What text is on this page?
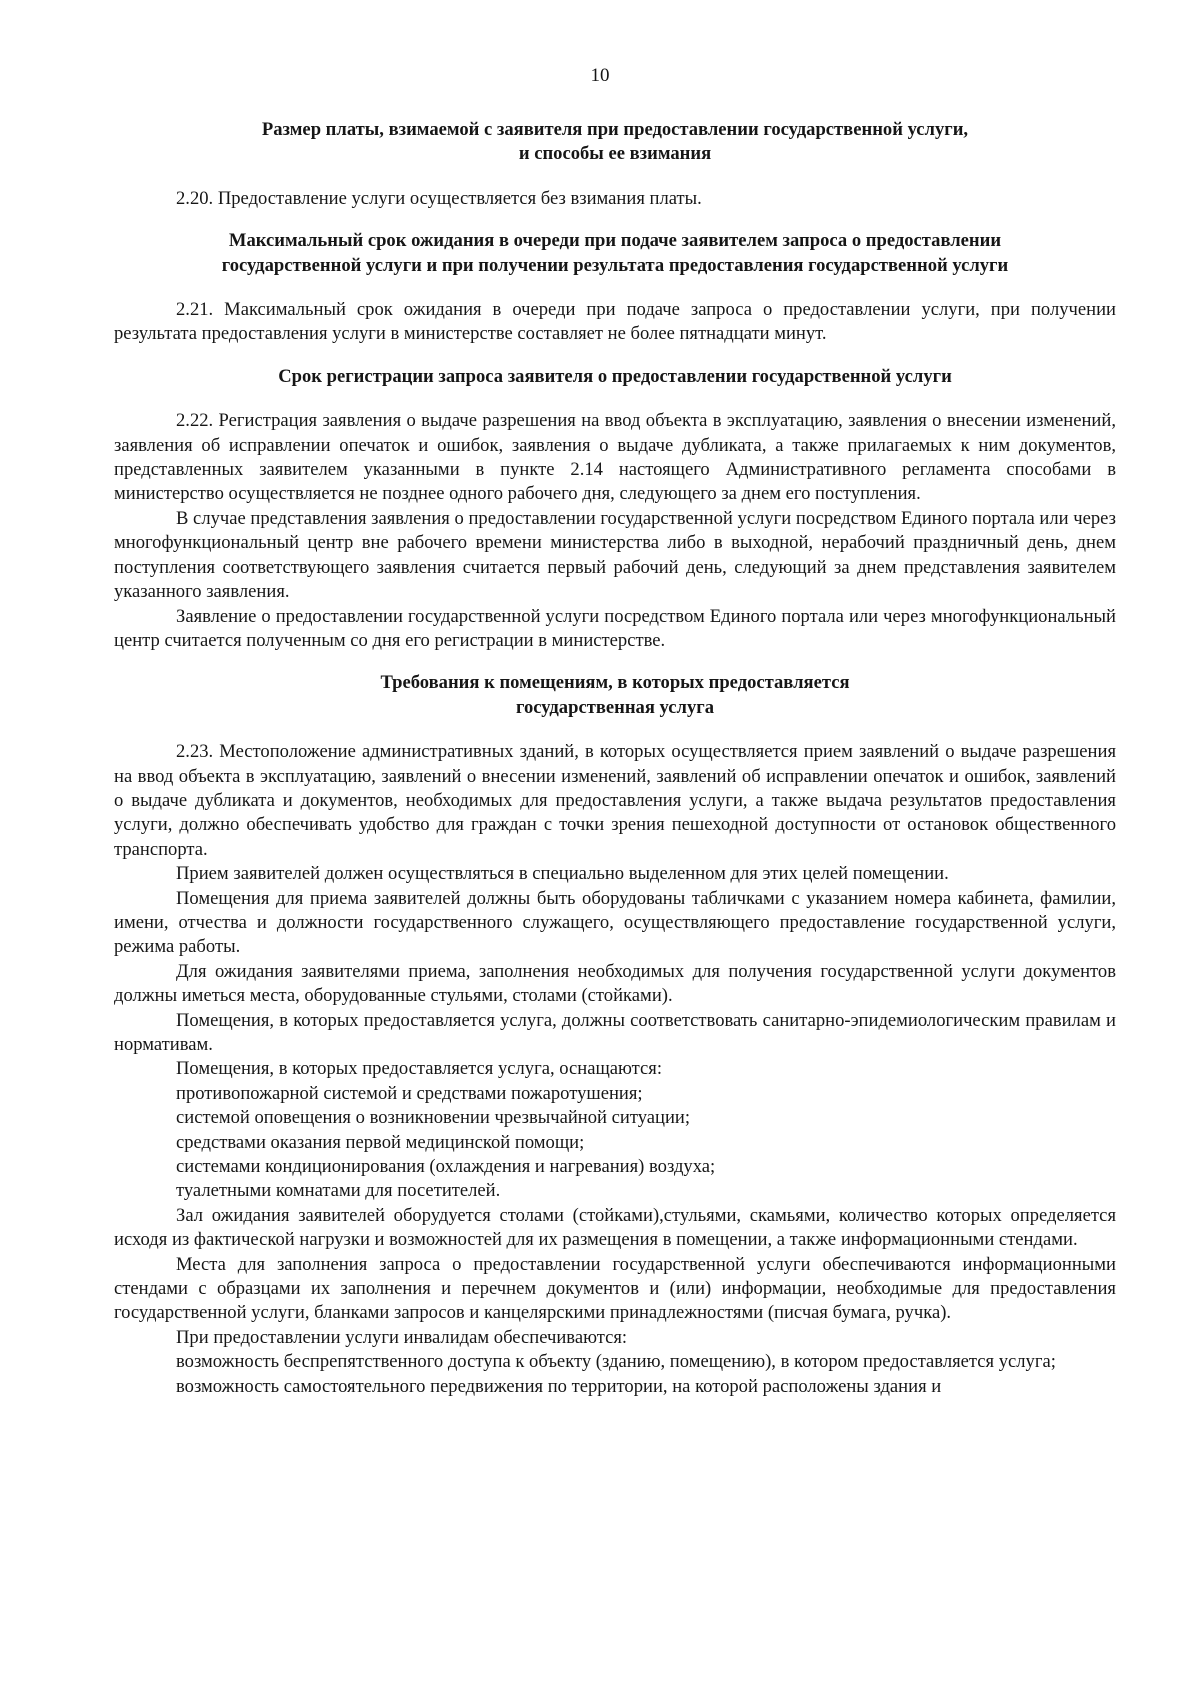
10
Размер платы, взимаемой с заявителя при предоставлении государственной услуги,
и способы ее взимания

2.20. Предоставление услуги осуществляется без взимания платы.

Максимальный срок ожидания в очереди при подаче заявителем запроса о предоставлении
государственной услуги и при получении результата предоставления государственной услуги

2.21. Максимальный срок ожидания в очереди при подаче запроса о предоставлении услуги, при получении результата предоставления услуги в министерстве составляет не более пятнадцати минут.

Срок регистрации запроса заявителя о предоставлении государственной услуги

2.22. Регистрация заявления о выдаче разрешения на ввод объекта в эксплуатацию, заявления о внесении изменений, заявления об исправлении опечаток и ошибок, заявления о выдаче дубликата, а также прилагаемых к ним документов, представленных заявителем указанными в пункте 2.14 настоящего Административного регламента способами в министерство осуществляется не позднее одного рабочего дня, следующего за днем его поступления.

В случае представления заявления о предоставлении государственной услуги посредством Единого портала или через многофункциональный центр вне рабочего времени министерства либо в выходной, нерабочий праздничный день, днем поступления соответствующего заявления считается первый рабочий день, следующий за днем представления заявителем указанного заявления.

Заявление о предоставлении государственной услуги посредством Единого портала или через многофункциональный центр считается полученным со дня его регистрации в министерстве.

Требования к помещениям, в которых предоставляется
государственная услуга

2.23. Местоположение административных зданий, в которых осуществляется прием заявлений о выдаче разрешения на ввод объекта в эксплуатацию, заявлений о внесении изменений, заявлений об исправлении опечаток и ошибок, заявлений о выдаче дубликата и документов, необходимых для предоставления услуги, а также выдача результатов предоставления услуги, должно обеспечивать удобство для граждан с точки зрения пешеходной доступности от остановок общественного транспорта.

Прием заявителей должен осуществляться в специально выделенном для этих целей помещении.

Помещения для приема заявителей должны быть оборудованы табличками с указанием номера кабинета, фамилии, имени, отчества и должности государственного служащего, осуществляющего предоставление государственной услуги, режима работы.

Для ожидания заявителями приема, заполнения необходимых для получения государственной услуги документов должны иметься места, оборудованные стульями, столами (стойками).

Помещения, в которых предоставляется услуга, должны соответствовать санитарно-эпидемиологическим правилам и нормативам.

Помещения, в которых предоставляется услуга, оснащаются:

противопожарной системой и средствами пожаротушения;

системой оповещения о возникновении чрезвычайной ситуации;

средствами оказания первой медицинской помощи;

системами кондиционирования (охлаждения и нагревания) воздуха;

туалетными комнатами для посетителей.

Зал ожидания заявителей оборудуется столами (стойками),стульями, скамьями, количество которых определяется исходя из фактической нагрузки и возможностей для их размещения в помещении, а также информационными стендами.

Места для заполнения запроса о предоставлении государственной услуги обеспечиваются информационными стендами с образцами их заполнения и перечнем документов и (или) информации, необходимые для предоставления государственной услуги, бланками запросов и канцелярскими принадлежностями (писчая бумага, ручка).

При предоставлении услуги инвалидам обеспечиваются:

возможность беспрепятственного доступа к объекту (зданию, помещению), в котором предоставляется услуга;

возможность самостоятельного передвижения по территории, на которой расположены здания и
